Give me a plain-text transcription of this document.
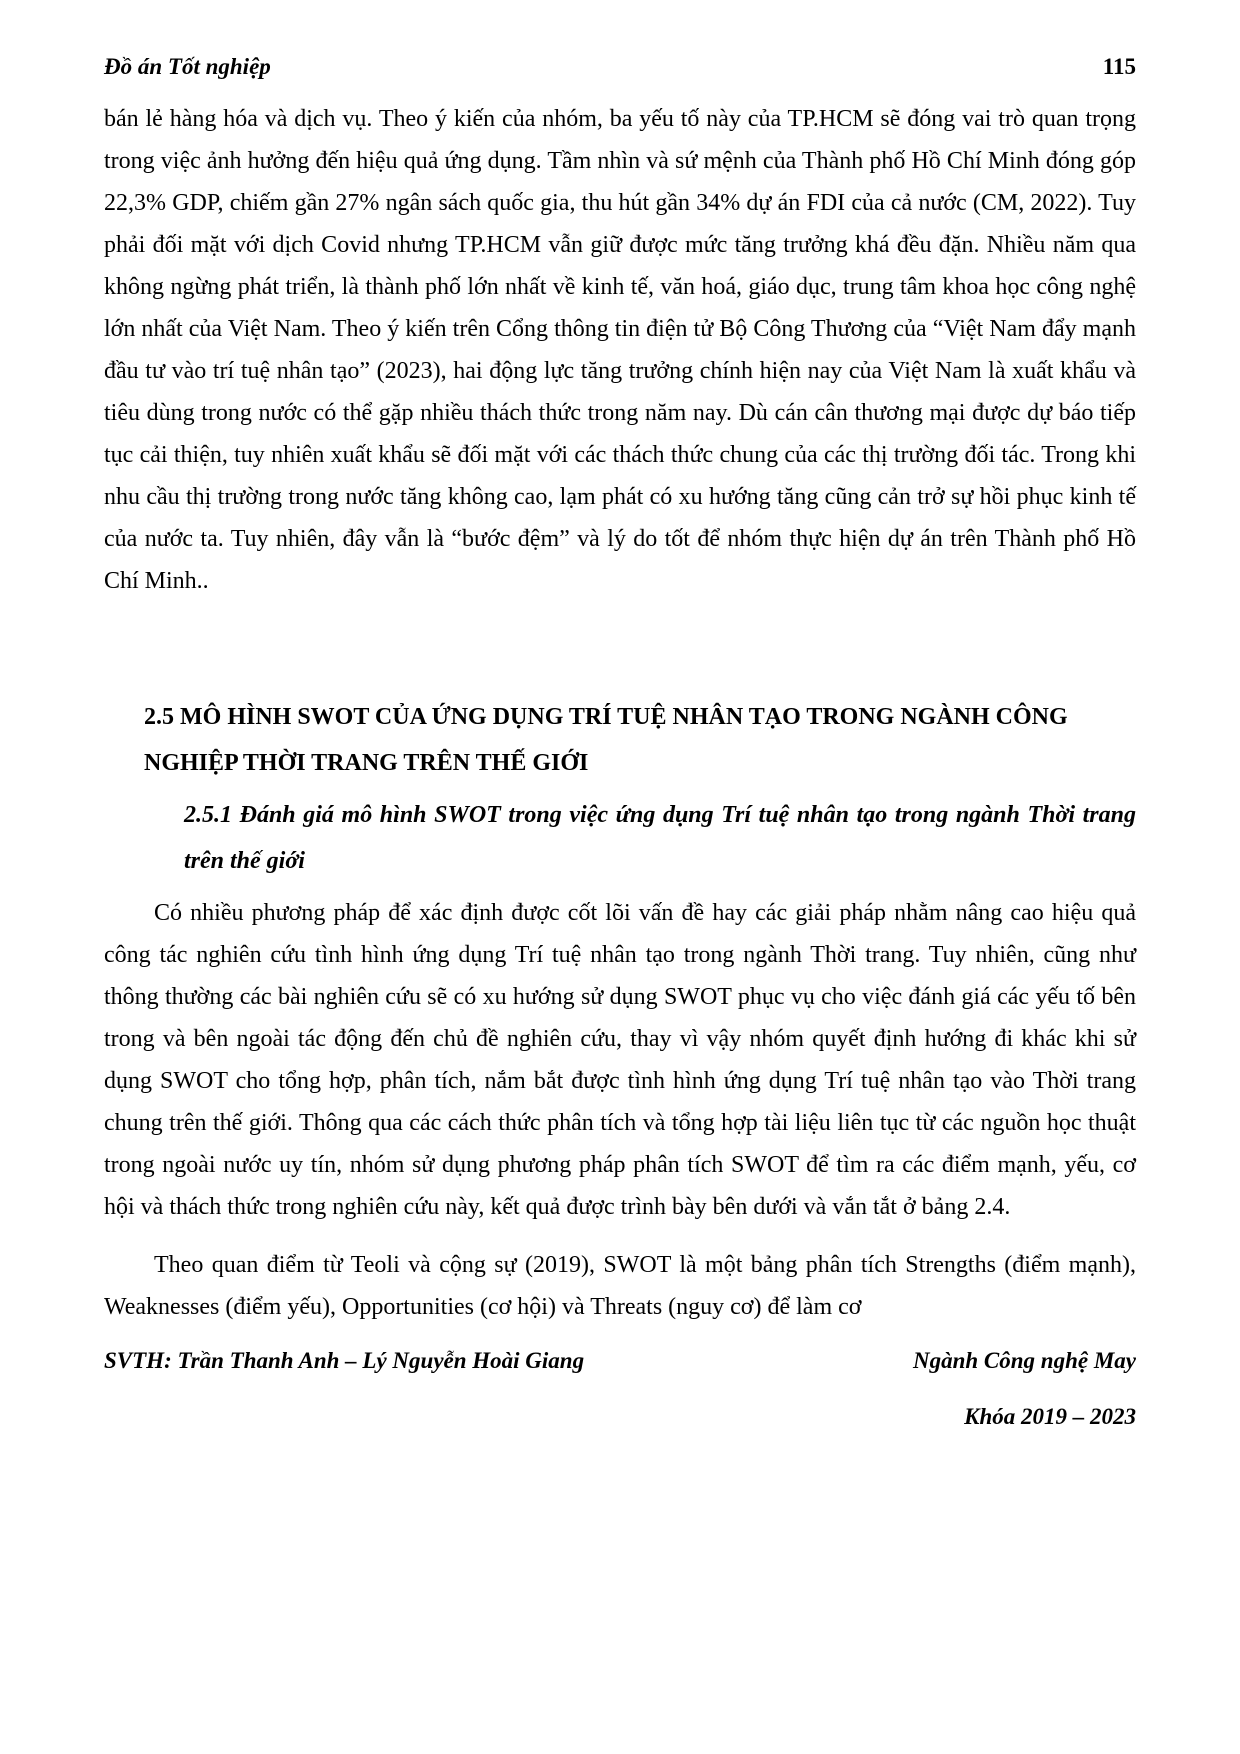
Đồ án Tốt nghiệp	115

bán lẻ hàng hóa và dịch vụ. Theo ý kiến của nhóm, ba yếu tố này của TP.HCM sẽ đóng vai trò quan trọng trong việc ảnh hưởng đến hiệu quả ứng dụng. Tầm nhìn và sứ mệnh của Thành phố Hồ Chí Minh đóng góp 22,3% GDP, chiếm gần 27% ngân sách quốc gia, thu hút gần 34% dự án FDI của cả nước (CM, 2022). Tuy phải đối mặt với dịch Covid nhưng TP.HCM vẫn giữ được mức tăng trưởng khá đều đặn. Nhiều năm qua không ngừng phát triển, là thành phố lớn nhất về kinh tế, văn hoá, giáo dục, trung tâm khoa học công nghệ lớn nhất của Việt Nam. Theo ý kiến trên Cổng thông tin điện tử Bộ Công Thương của “Việt Nam đẩy mạnh đầu tư vào trí tuệ nhân tạo” (2023), hai động lực tăng trưởng chính hiện nay của Việt Nam là xuất khẩu và tiêu dùng trong nước có thể gặp nhiều thách thức trong năm nay. Dù cán cân thương mại được dự báo tiếp tục cải thiện, tuy nhiên xuất khẩu sẽ đối mặt với các thách thức chung của các thị trường đối tác. Trong khi nhu cầu thị trường trong nước tăng không cao, lạm phát có xu hướng tăng cũng cản trở sự hồi phục kinh tế của nước ta. Tuy nhiên, đây vẫn là “bước đệm” và lý do tốt để nhóm thực hiện dự án trên Thành phố Hồ Chí Minh..

2.5 MÔ HÌNH SWOT CỦA ỨNG DỤNG TRÍ TUỆ NHÂN TẠO TRONG NGÀNH CÔNG NGHIỆP THỜI TRANG TRÊN THẾ GIỚI
2.5.1 Đánh giá mô hình SWOT trong việc ứng dụng Trí tuệ nhân tạo trong ngành Thời trang trên thế giới

Có nhiều phương pháp để xác định được cốt lõi vấn đề hay các giải pháp nhằm nâng cao hiệu quả công tác nghiên cứu tình hình ứng dụng Trí tuệ nhân tạo trong ngành Thời trang. Tuy nhiên, cũng như thông thường các bài nghiên cứu sẽ có xu hướng sử dụng SWOT phục vụ cho việc đánh giá các yếu tố bên trong và bên ngoài tác động đến chủ đề nghiên cứu, thay vì vậy nhóm quyết định hướng đi khác khi sử dụng SWOT cho tổng hợp, phân tích, nắm bắt được tình hình ứng dụng Trí tuệ nhân tạo vào Thời trang chung trên thế giới. Thông qua các cách thức phân tích và tổng hợp tài liệu liên tục từ các nguồn học thuật trong ngoài nước uy tín, nhóm sử dụng phương pháp phân tích SWOT để tìm ra các điểm mạnh, yếu, cơ hội và thách thức trong nghiên cứu này, kết quả được trình bày bên dưới và vắn tắt ở bảng 2.4.

Theo quan điểm từ Teoli và cộng sự (2019), SWOT là một bảng phân tích Strengths (điểm mạnh), Weaknesses (điểm yếu), Opportunities (cơ hội) và Threats (nguy cơ) để làm cơ

SVTH: Trần Thanh Anh – Lý Nguyễn Hoài Giang	Ngành Công nghệ May
Khóa 2019 – 2023
